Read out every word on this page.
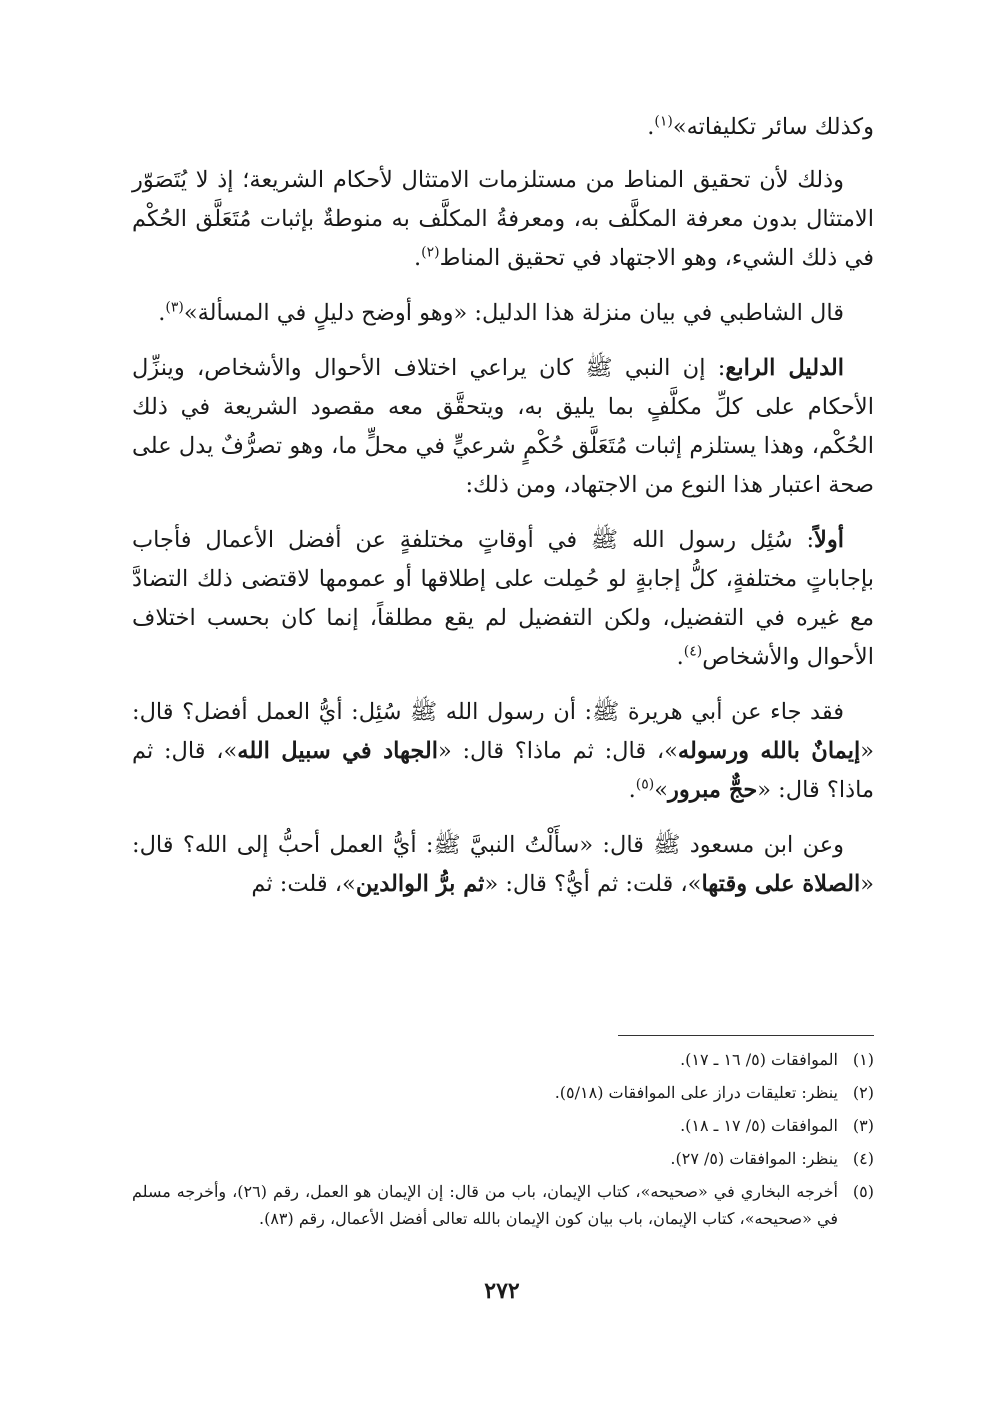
وكذلك سائر تكليفاته»$^{(١)}$.

وذلك لأن تحقيق المناط من مستلزمات الامتثال لأحكام الشريعة؛ إذ لا يُتَصَوّر الامتثال بدون معرفة المكلَّف به، ومعرفةُ المكلَّف به منوطةٌ بإثبات مُتَعَلَّق الحُكْم في ذلك الشيء، وهو الاجتهاد في تحقيق المناط$^{(٢)}$.

قال الشاطبي في بيان منزلة هذا الدليل: «وهو أوضح دليلٍ في المسألة»$^{(٣)}$.

الدليل الرابع: إن النبي ﷺ كان يراعي اختلاف الأحوال والأشخاص، وينزِّل الأحكام على كلِّ مكلَّفٍ بما يليق به، ويتحقَّق معه مقصود الشريعة في ذلك الحُكْم، وهذا يستلزم إثبات مُتَعَلَّق حُكْمٍ شرعيٍّ في محلٍّ ما، وهو تصرُّفٌ يدل على صحة اعتبار هذا النوع من الاجتهاد، ومن ذلك:

أولاً: سُئِل رسول الله ﷺ في أوقاتٍ مختلفةٍ عن أفضل الأعمال فأجاب بإجاباتٍ مختلفةٍ، كلُّ إجابةٍ لو حُمِلت على إطلاقها أو عمومها لاقتضى ذلك التضادَّ مع غيره في التفضيل، ولكن التفضيل لم يقع مطلقاً، إنما كان بحسب اختلاف الأحوال والأشخاص$^{(٤)}$.

فقد جاء عن أبي هريرة ﷺ: أن رسول الله ﷺ سُئِل: أيُّ العمل أفضل؟ قال: «إيمانٌ بالله ورسوله»، قال: ثم ماذا؟ قال: «الجهاد في سبيل الله»، قال: ثم ماذا؟ قال: «حجٌّ مبرور»$^{(٥)}$.

وعن ابن مسعود ﷺ قال: «سأَلْتُ النبيَّ ﷺ: أيُّ العمل أحبُّ إلى الله؟ قال: «الصلاة على وقتها»، قلت: ثم أيُّ؟ قال: «ثم برُّ الوالدين»، قلت: ثم

(١)
الموافقات (٥/ ١٦ ـ ١٧).
(٢)
ينظر: تعليقات دراز على الموافقات (٥/١٨).
(٣)
الموافقات (٥/ ١٧ ـ ١٨).
(٤)
ينظر: الموافقات (٥/ ٢٧).
(٥)
أخرجه البخاري في «صحيحه»، كتاب الإيمان، باب من قال: إن الإيمان هو العمل، رقم (٢٦)، وأخرجه مسلم في «صحيحه»، كتاب الإيمان، باب بيان كون الإيمان بالله تعالى أفضل الأعمال، رقم (٨٣).
٢٧٢
